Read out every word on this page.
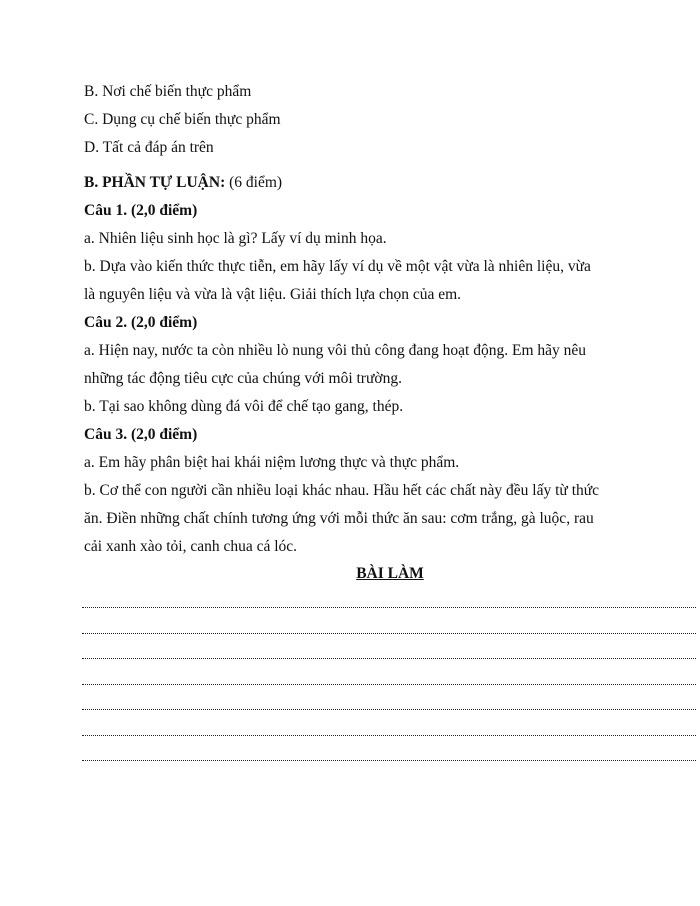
B. Nơi chế biến thực phẩm
C. Dụng cụ chế biến thực phẩm
D. Tất cả đáp án trên
B. PHẦN TỰ LUẬN: (6 điểm)
Câu 1. (2,0 điểm)
a. Nhiên liệu sinh học là gì? Lấy ví dụ minh họa.
b. Dựa vào kiến thức thực tiễn, em hãy lấy ví dụ về một vật vừa là nhiên liệu, vừa
là nguyên liệu và vừa là vật liệu. Giải thích lựa chọn của em.
Câu 2. (2,0 điểm)
a. Hiện nay, nước ta còn nhiều lò nung vôi thủ công đang hoạt động. Em hãy nêu
những tác động tiêu cực của chúng với môi trường.
b. Tại sao không dùng đá vôi để chế tạo gang, thép.
Câu 3. (2,0 điểm)
a. Em hãy phân biệt hai khái niệm lương thực và thực phẩm.
b. Cơ thể con người cần nhiều loại khác nhau. Hầu hết các chất này đều lấy từ thức
ăn. Điền những chất chính tương ứng với mỗi thức ăn sau: cơm trắng, gà luộc, rau
cải xanh xào tỏi, canh chua cá lóc.
BÀI LÀM
